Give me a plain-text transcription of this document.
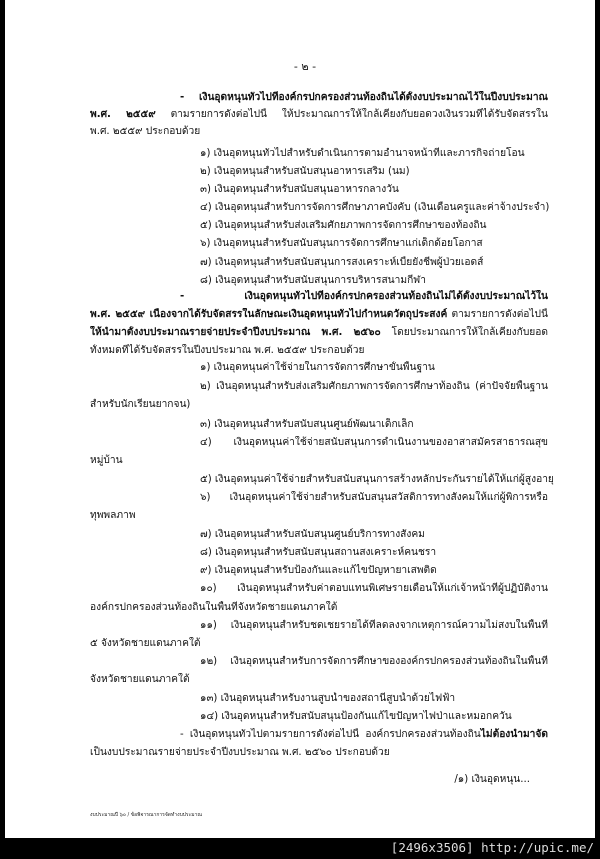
- ๒ -
- เงินอุดหนุนทั่วไปที่องค์กรปกครองส่วนท้องถิ่นได้ตั้งงบประมาณไว้ในปีงบประมาณ
พ.ศ. ๒๕๕๙ ตามรายการดังต่อไปนี้ ให้ประมาณการให้ใกล้เคียงกับยอดวงเงินรวมที่ได้รับจัดสรรใน
พ.ศ. ๒๕๕๙ ประกอบด้วย
๑) เงินอุดหนุนทั่วไปสำหรับดำเนินการตามอำนาจหน้าที่และภารกิจถ่ายโอน
๒) เงินอุดหนุนสำหรับสนับสนุนอาหารเสริม (นม)
๓) เงินอุดหนุนสำหรับสนับสนุนอาหารกลางวัน
๔) เงินอุดหนุนสำหรับการจัดการศึกษาภาคบังคับ (เงินเดือนครูและค่าจ้างประจำ)
๕) เงินอุดหนุนสำหรับส่งเสริมศักยภาพการจัดการศึกษาของท้องถิ่น
๖) เงินอุดหนุนสำหรับสนับสนุนการจัดการศึกษาแก่เด็กด้อยโอกาส
๗) เงินอุดหนุนสำหรับสนับสนุนการสงเคราะห์เบี้ยยังชีพผู้ป่วยเอดส์
๘) เงินอุดหนุนสำหรับสนับสนุนการบริหารสนามกีฬา
- เงินอุดหนุนทั่วไปที่องค์กรปกครองส่วนท้องถิ่นไม่ได้ตั้งงบประมาณไว้ใน
พ.ศ. ๒๕๕๙ เนื่องจากได้รับจัดสรรในลักษณะเงินอุดหนุนทั่วไปกำหนดวัตถุประสงค์ ตามรายการดังต่อไปนี้
ให้นำมาตั้งงบประมาณรายจ่ายประจำปีงบประมาณ พ.ศ. ๒๕๖๐ โดยประมาณการให้ใกล้เคียงกับยอด
ทั้งหมดที่ได้รับจัดสรรในปีงบประมาณ พ.ศ. ๒๕๕๙ ประกอบด้วย
๑) เงินอุดหนุนค่าใช้จ่ายในการจัดการศึกษาขั้นพื้นฐาน
๒) เงินอุดหนุนสำหรับส่งเสริมศักยภาพการจัดการศึกษาท้องถิ่น (ค่าปัจจัยพื้นฐาน
สำหรับนักเรียนยากจน)
๓) เงินอุดหนุนสำหรับสนับสนุนศูนย์พัฒนาเด็กเล็ก
๔) เงินอุดหนุนค่าใช้จ่ายสนับสนุนการดำเนินงานของอาสาสมัครสาธารณสุข
หมู่บ้าน
๕) เงินอุดหนุนค่าใช้จ่ายสำหรับสนับสนุนการสร้างหลักประกันรายได้ให้แก่ผู้สูงอายุ
๖) เงินอุดหนุนค่าใช้จ่ายสำหรับสนับสนุนสวัสดิการทางสังคมให้แก่ผู้พิการหรือ
ทุพพลภาพ
๗) เงินอุดหนุนสำหรับสนับสนุนศูนย์บริการทางสังคม
๘) เงินอุดหนุนสำหรับสนับสนุนสถานสงเคราะห์คนชรา
๙) เงินอุดหนุนสำหรับป้องกันและแก้ไขปัญหายาเสพติด
๑๐) เงินอุดหนุนสำหรับค่าตอบแทนพิเศษรายเดือนให้แก่เจ้าหน้าที่ผู้ปฏิบัติงาน
องค์กรปกครองส่วนท้องถิ่นในพื้นที่จังหวัดชายแดนภาคใต้
๑๑) เงินอุดหนุนสำหรับชดเชยรายได้ที่ลดลงจากเหตุการณ์ความไม่สงบในพื้นที่
๕ จังหวัดชายแดนภาคใต้
๑๒) เงินอุดหนุนสำหรับการจัดการศึกษาขององค์กรปกครองส่วนท้องถิ่นในพื้นที่
จังหวัดชายแดนภาคใต้
๑๓) เงินอุดหนุนสำหรับงานสูบน้ำของสถานีสูบน้ำด้วยไฟฟ้า
๑๔) เงินอุดหนุนสำหรับสนับสนุนป้องกันแก้ไขปัญหาไฟป่าและหมอกควัน
- เงินอุดหนุนทั่วไปตามรายการดังต่อไปนี้ องค์กรปกครองส่วนท้องถิ่นไม่ต้องนำมาจัด
เป็นงบประมาณรายจ่ายประจำปีงบประมาณ พ.ศ. ๒๕๖๐ ประกอบด้วย
/๑) เงินอุดหนุน...
งบประมาณปี ๖๐ / ข้อพิจารณาการจัดทำงบประมาณ
[2496x3506] http://upic.me/
